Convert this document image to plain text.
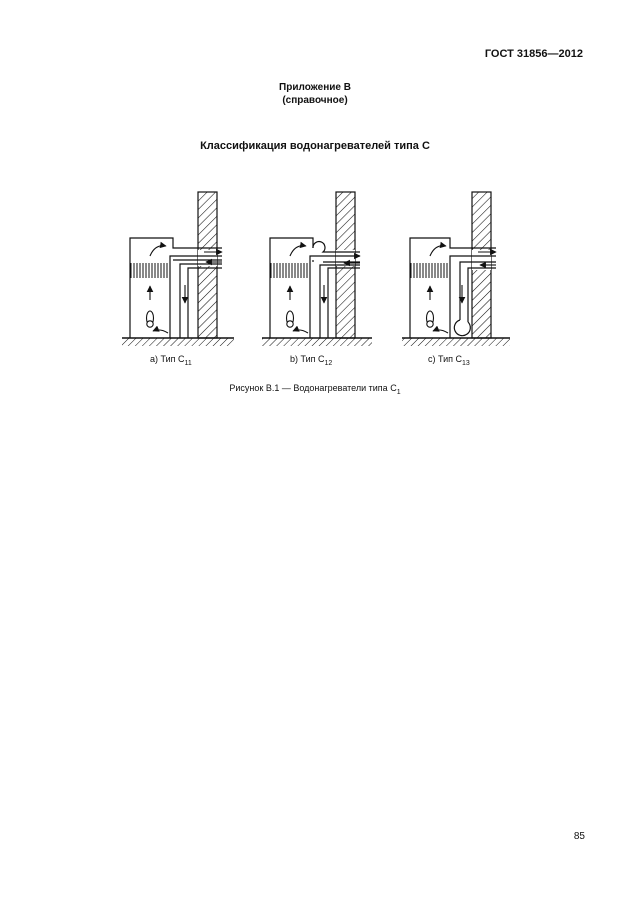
ГОСТ 31856—2012
Приложение В
(справочное)
Классификация водонагревателей типа С
а) Тип $С_{11}$	b) Тип $С_{12}$	с) Тип $С_{13}$
Рисунок В.1 — Водонагреватели типа $С_1$
85
